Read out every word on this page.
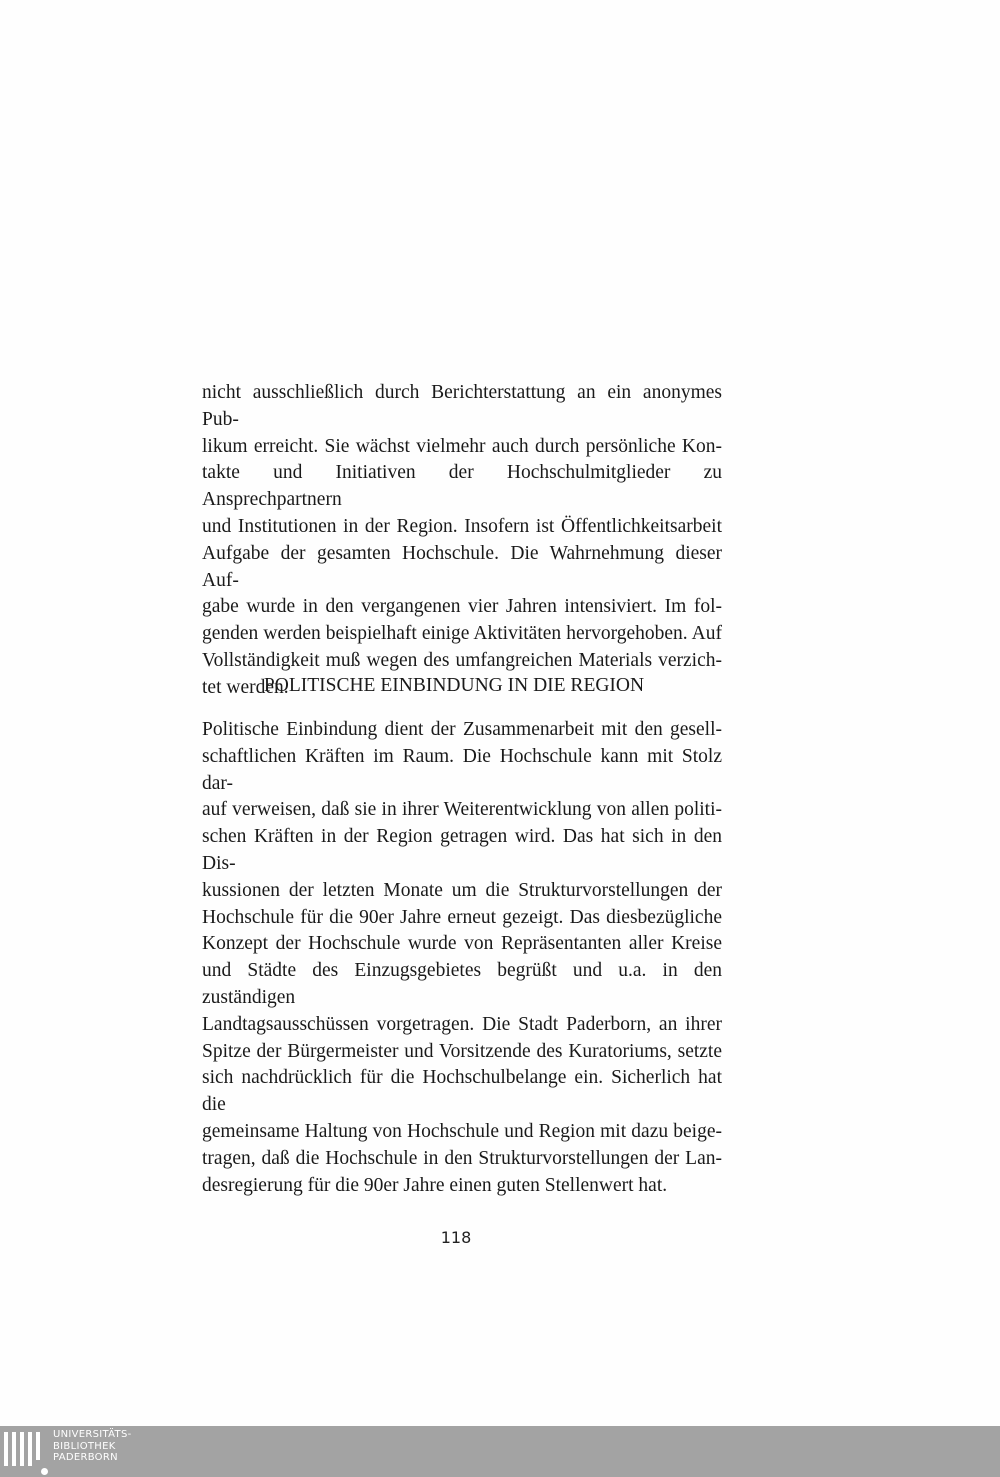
nicht ausschließlich durch Berichterstattung an ein anonymes Pub-
likum erreicht. Sie wächst vielmehr auch durch persönliche Kon-
takte und Initiativen der Hochschulmitglieder zu Ansprechpartnern
und Institutionen in der Region. Insofern ist Öffentlichkeitsarbeit
Aufgabe der gesamten Hochschule. Die Wahrnehmung dieser Auf-
gabe wurde in den vergangenen vier Jahren intensiviert. Im fol-
genden werden beispielhaft einige Aktivitäten hervorgehoben. Auf
Vollständigkeit muß wegen des umfangreichen Materials verzich-
tet werden.
POLITISCHE EINBINDUNG IN DIE REGION
Politische Einbindung dient der Zusammenarbeit mit den gesell-
schaftlichen Kräften im Raum. Die Hochschule kann mit Stolz dar-
auf verweisen, daß sie in ihrer Weiterentwicklung von allen politi-
schen Kräften in der Region getragen wird. Das hat sich in den Dis-
kussionen der letzten Monate um die Strukturvorstellungen der
Hochschule für die 90er Jahre erneut gezeigt. Das diesbezügliche
Konzept der Hochschule wurde von Repräsentanten aller Kreise
und Städte des Einzugsgebietes begrüßt und u.a. in den zuständigen
Landtagsausschüssen vorgetragen. Die Stadt Paderborn, an ihrer
Spitze der Bürgermeister und Vorsitzende des Kuratoriums, setzte
sich nachdrücklich für die Hochschulbelange ein. Sicherlich hat die
gemeinsame Haltung von Hochschule und Region mit dazu beige-
tragen, daß die Hochschule in den Strukturvorstellungen der Lan-
desregierung für die 90er Jahre einen guten Stellenwert hat.
118
UNIVERSITÄTS-
BIBLIOTHEK
PADERBORN
